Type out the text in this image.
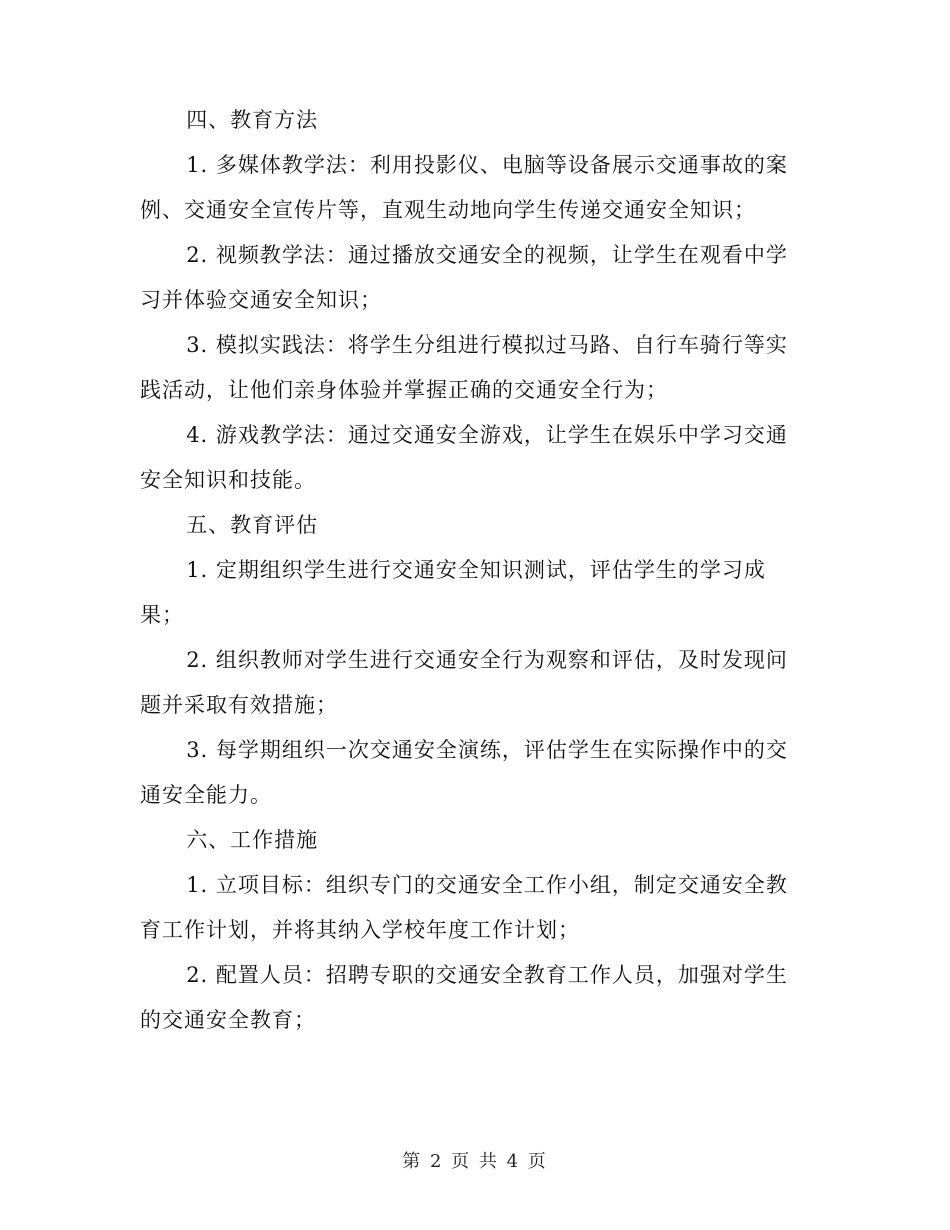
四、教育方法

1. 多媒体教学法：利用投影仪、电脑等设备展示交通事故的案例、交通安全宣传片等，直观生动地向学生传递交通安全知识；

2. 视频教学法：通过播放交通安全的视频，让学生在观看中学习并体验交通安全知识；

3. 模拟实践法：将学生分组进行模拟过马路、自行车骑行等实践活动，让他们亲身体验并掌握正确的交通安全行为；

4. 游戏教学法：通过交通安全游戏，让学生在娱乐中学习交通安全知识和技能。

五、教育评估

1. 定期组织学生进行交通安全知识测试，评估学生的学习成果；

2. 组织教师对学生进行交通安全行为观察和评估，及时发现问题并采取有效措施；

3. 每学期组织一次交通安全演练，评估学生在实际操作中的交通安全能力。

六、工作措施

1. 立项目标：组织专门的交通安全工作小组，制定交通安全教育工作计划，并将其纳入学校年度工作计划；

2. 配置人员：招聘专职的交通安全教育工作人员，加强对学生的交通安全教育；

第 2 页 共 4 页
